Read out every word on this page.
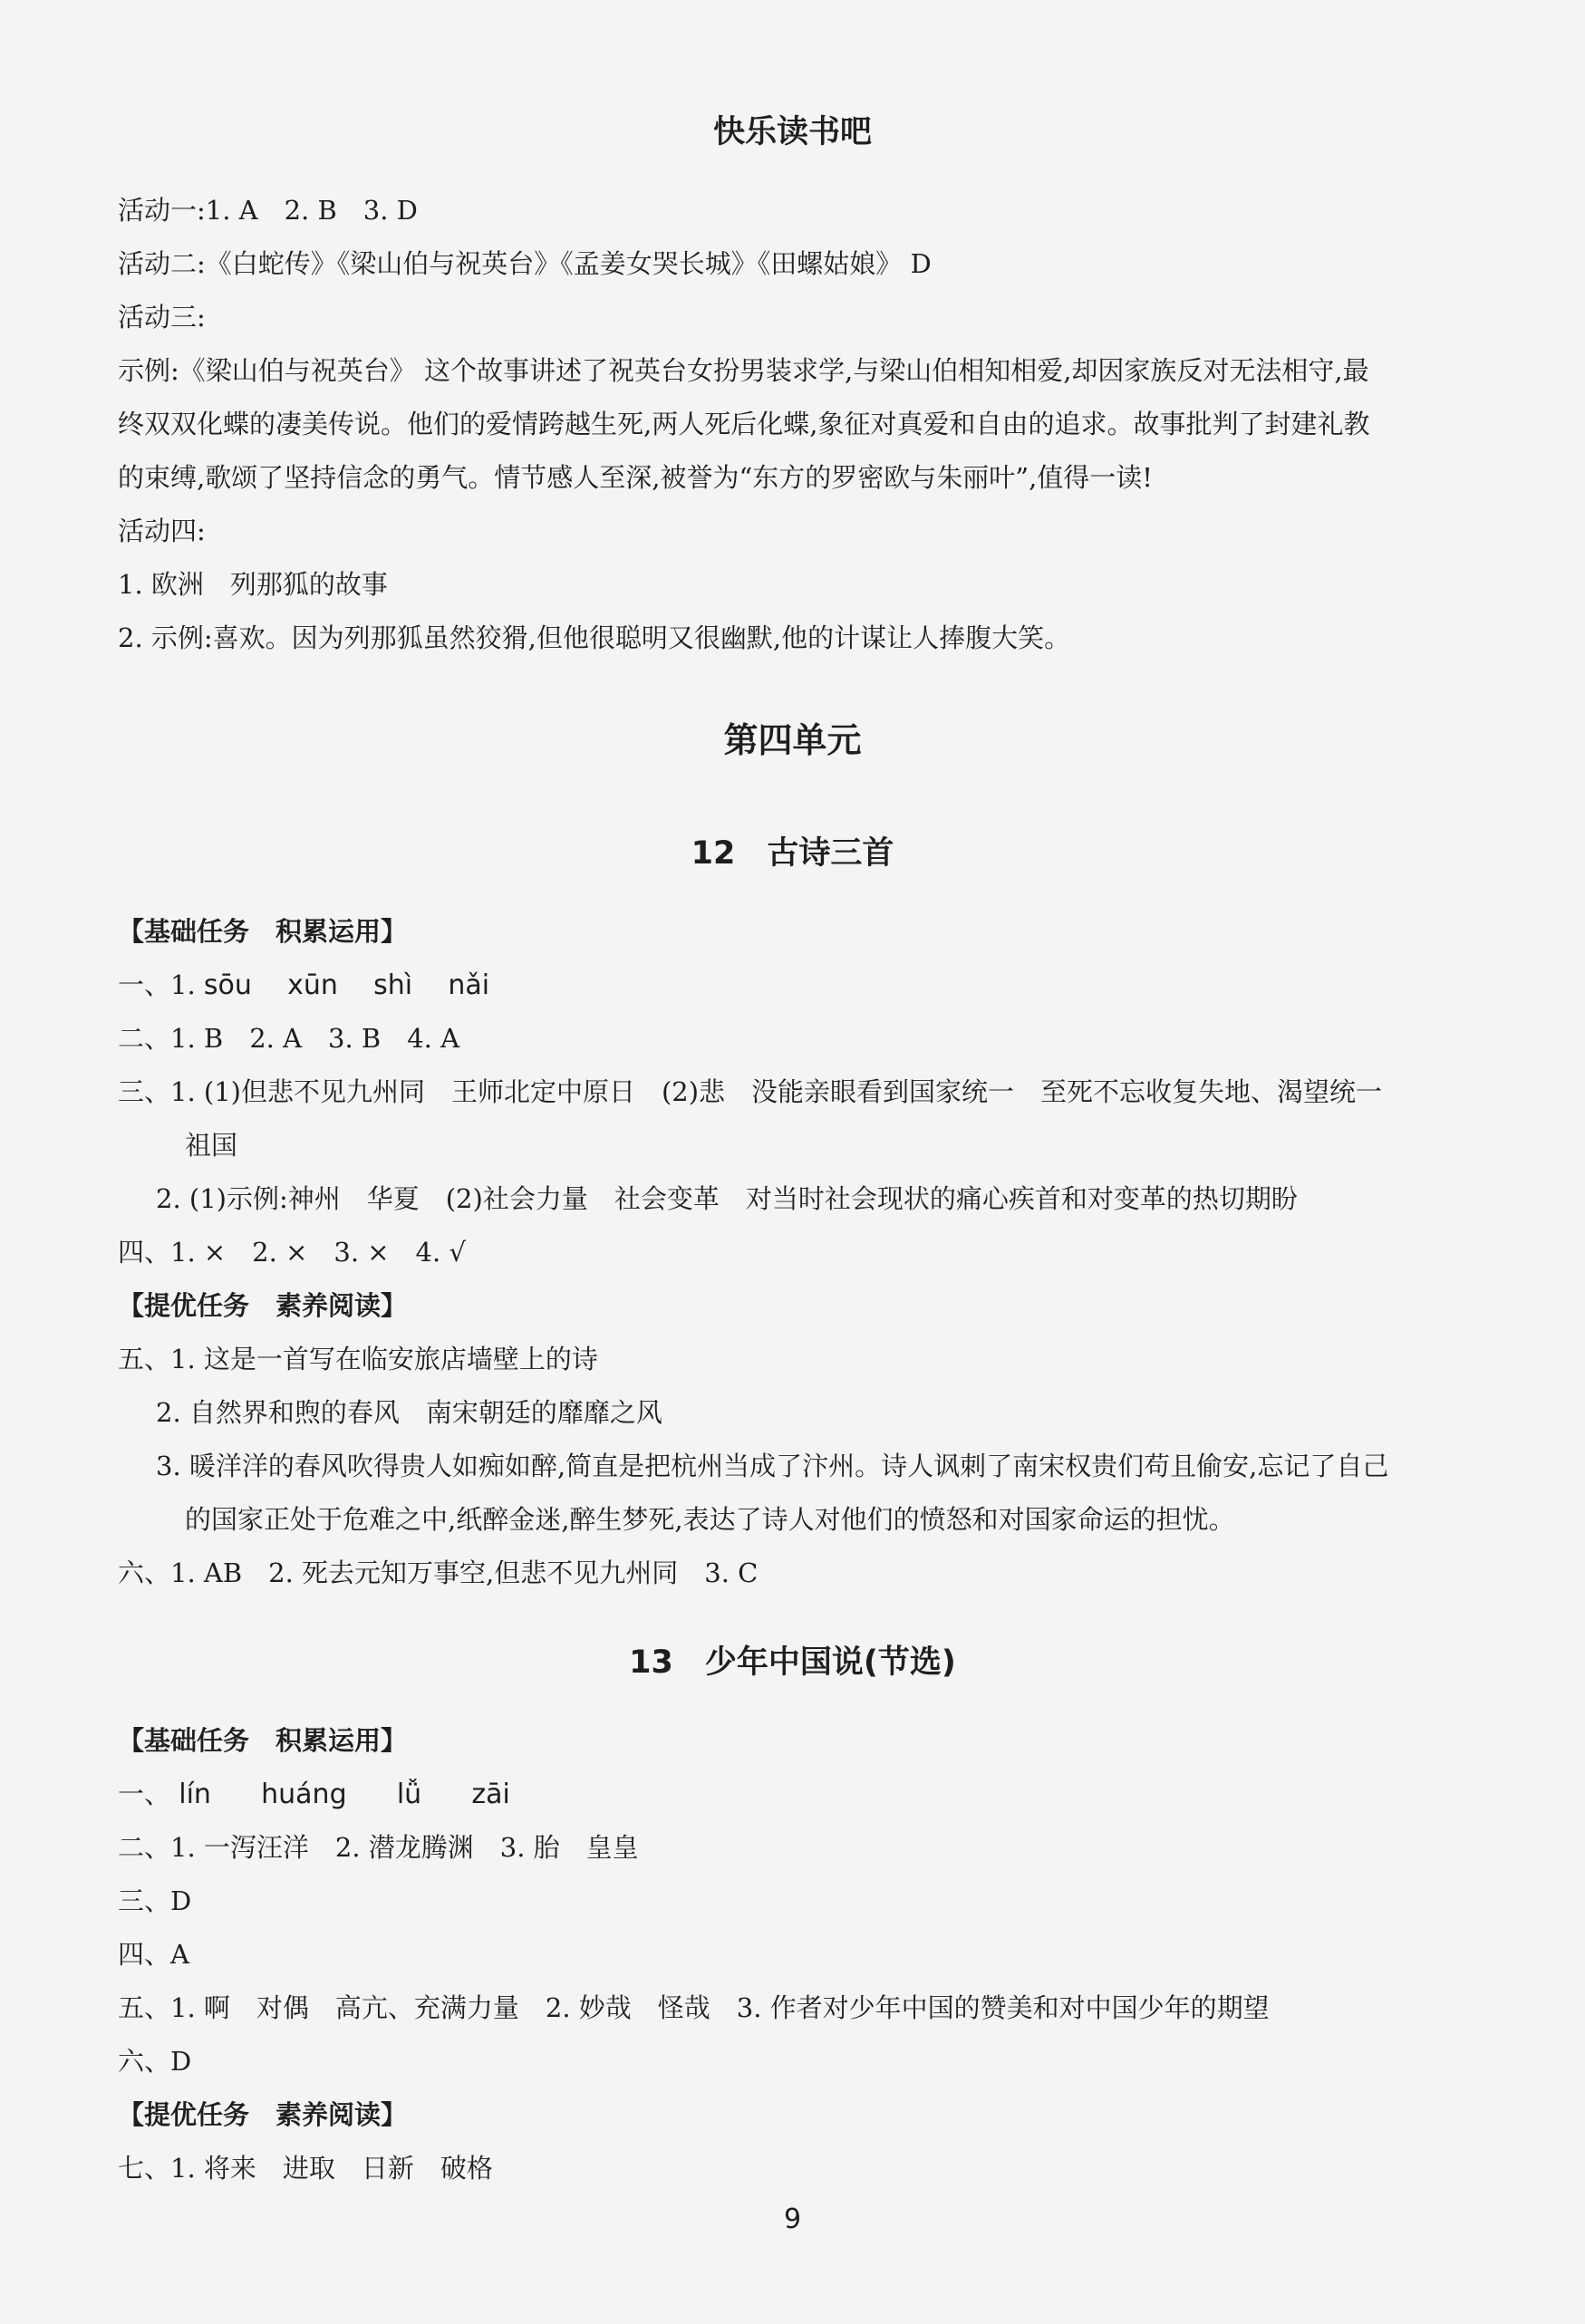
快乐读书吧
活动一:1. A　2. B　3. D
活动二:《白蛇传》《梁山伯与祝英台》《孟姜女哭长城》《田螺姑娘》 D
活动三:
示例:《梁山伯与祝英台》 这个故事讲述了祝英台女扮男装求学,与梁山伯相知相爱,却因家族反对无法相守,最
终双双化蝶的凄美传说。他们的爱情跨越生死,两人死后化蝶,象征对真爱和自由的追求。故事批判了封建礼教
的束缚,歌颂了坚持信念的勇气。情节感人至深,被誉为“东方的罗密欧与朱丽叶”,值得一读!
活动四:
1. 欧洲　列那狐的故事
2. 示例:喜欢。因为列那狐虽然狡猾,但他很聪明又很幽默,他的计谋让人捧腹大笑。
第四单元
12　古诗三首
【基础任务　积累运用】
一、1. sōu xūn shì nǎi
二、1. B　2. A　3. B　4. A
三、1. (1)但悲不见九州同　王师北定中原日　(2)悲　没能亲眼看到国家统一　至死不忘收复失地、渴望统一
祖国
2. (1)示例:神州　华夏　(2)社会力量　社会变革　对当时社会现状的痛心疾首和对变革的热切期盼
四、1. ×　2. ×　3. ×　4. √
【提优任务　素养阅读】
五、1. 这是一首写在临安旅店墙壁上的诗
2. 自然界和煦的春风　南宋朝廷的靡靡之风
3. 暖洋洋的春风吹得贵人如痴如醉,简直是把杭州当成了汴州。诗人讽刺了南宋权贵们苟且偷安,忘记了自己
的国家正处于危难之中,纸醉金迷,醉生梦死,表达了诗人对他们的愤怒和对国家命运的担忧。
六、1. AB　2. 死去元知万事空,但悲不见九州同　3. C
13　少年中国说(节选)
【基础任务　积累运用】
一、 lín huáng lǚ zāi
二、1. 一泻汪洋　2. 潜龙腾渊　3. 胎　皇皇
三、D
四、A
五、1. 啊　对偶　高亢、充满力量　2. 妙哉　怪哉　3. 作者对少年中国的赞美和对中国少年的期望
六、D
【提优任务　素养阅读】
七、1. 将来　进取　日新　破格
9
